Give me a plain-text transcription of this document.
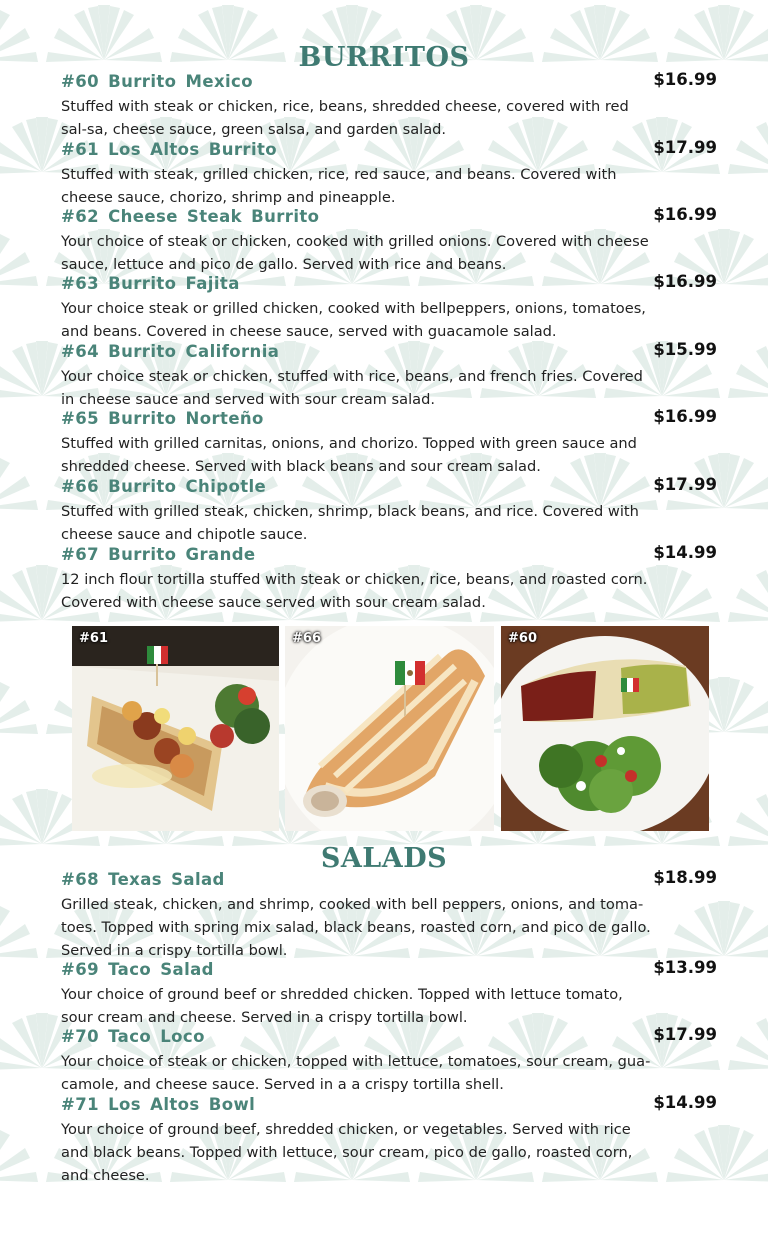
BURRITOS
#60 Burrito Mexico	$16.99
Stuffed with steak or chicken, rice, beans, shredded cheese, covered with red sal-sa, cheese sauce, green salsa, and garden salad.
#61 Los Altos Burrito	$17.99
Stuffed with steak, grilled chicken, rice, red sauce, and beans. Covered with cheese sauce, chorizo, shrimp and pineapple.
#62 Cheese Steak Burrito	$16.99
Your choice of steak or chicken, cooked with grilled onions. Covered with cheese sauce, lettuce and pico de gallo. Served with rice and beans.
#63 Burrito Fajita	$16.99
Your choice steak or grilled chicken, cooked with bellpeppers, onions, tomatoes, and beans. Covered in cheese sauce, served with guacamole salad.
#64 Burrito California	$15.99
Your choice steak or chicken, stuffed with rice, beans, and french fries. Covered in cheese sauce and served with sour cream salad.
#65 Burrito Norteño	$16.99
Stuffed with grilled carnitas, onions, and chorizo. Topped with green sauce and shredded cheese. Served with black beans and sour cream salad.
#66 Burrito Chipotle	$17.99
Stuffed with grilled steak, chicken, shrimp, black beans, and rice. Covered with cheese sauce and chipotle sauce.
#67 Burrito Grande	$14.99
12 inch flour tortilla stuffed with steak or chicken, rice, beans, and roasted corn. Covered with cheese sauce served with sour cream salad.
#61	#66	#60
SALADS
#68 Texas Salad	$18.99
Grilled steak, chicken, and shrimp, cooked with bell peppers, onions, and toma-toes. Topped with spring mix salad, black beans, roasted corn, and pico de gallo. Served in a crispy tortilla bowl.
#69 Taco Salad	$13.99
Your choice of ground beef or shredded chicken. Topped with lettuce tomato, sour cream and cheese. Served in a crispy tortilla bowl.
#70 Taco Loco	$17.99
Your choice of steak or chicken, topped with lettuce, tomatoes, sour cream, gua-camole, and cheese sauce. Served in a a crispy tortilla shell.
#71 Los Altos Bowl	$14.99
Your choice of ground beef, shredded chicken, or vegetables. Served with rice and black beans. Topped with lettuce, sour cream, pico de gallo, roasted corn, and cheese.
